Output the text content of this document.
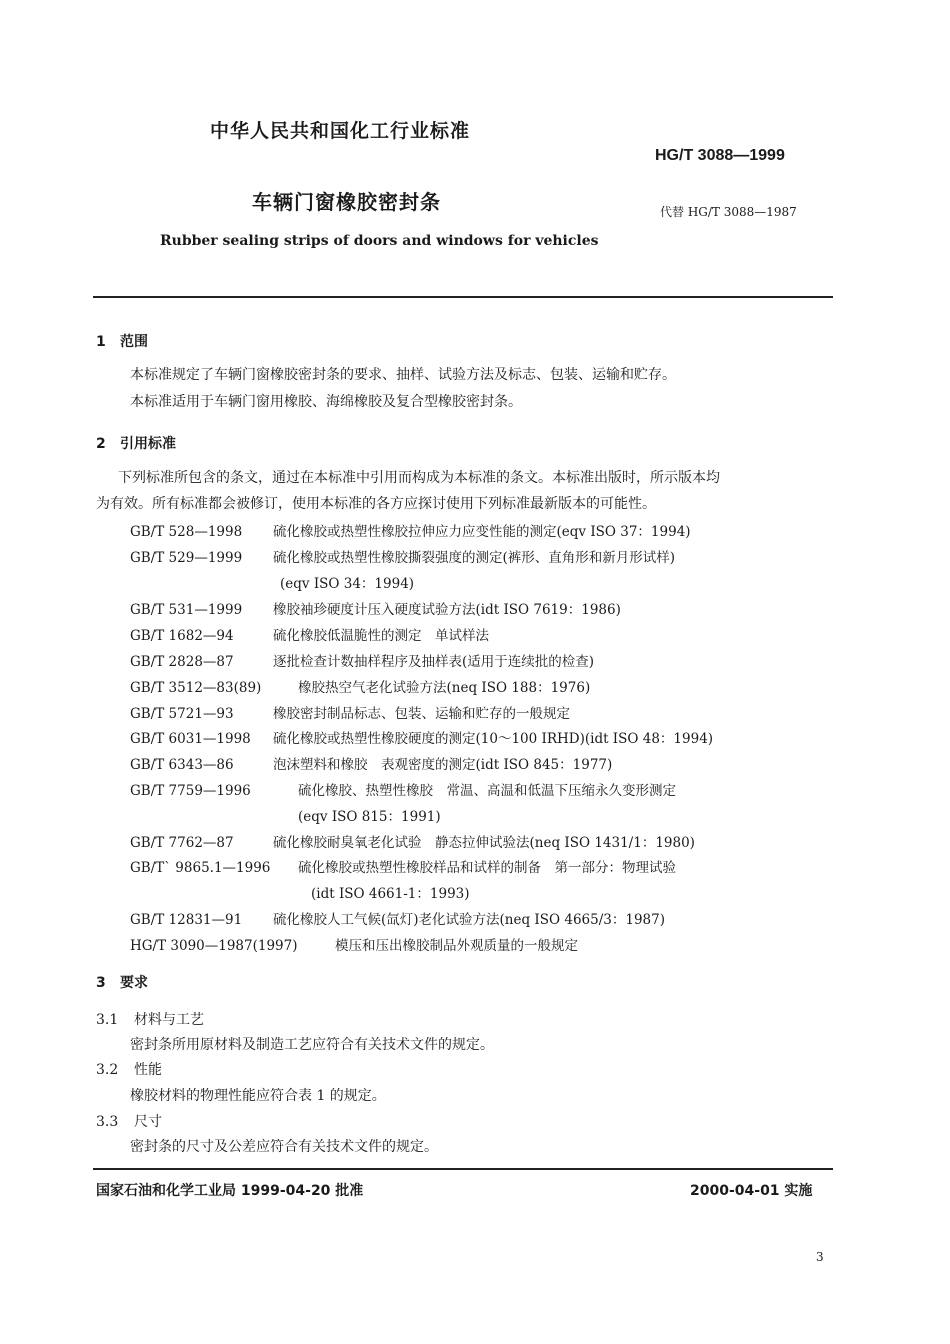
中华人民共和国化工行业标准
HG/T 3088—1999
车辆门窗橡胶密封条	代替 HG/T 3088—1987
Rubber sealing strips of doors and windows for vehicles
1 范围
本标准规定了车辆门窗橡胶密封条的要求、抽样、试验方法及标志、包装、运输和贮存。
本标准适用于车辆门窗用橡胶、海绵橡胶及复合型橡胶密封条。
2 引用标准
下列标准所包含的条文，通过在本标准中引用而构成为本标准的条文。本标准出版时，所示版本均
为有效。所有标准都会被修订，使用本标准的各方应探讨使用下列标准最新版本的可能性。
GB/T 528—1998 硫化橡胶或热塑性橡胶拉伸应力应变性能的测定(eqv ISO 37：1994)
GB/T 529—1999 硫化橡胶或热塑性橡胶撕裂强度的测定(裤形、直角形和新月形试样)
(eqv ISO 34：1994)
GB/T 531—1999 橡胶袖珍硬度计压入硬度试验方法(idt ISO 7619：1986)
GB/T 1682—94	硫化橡胶低温脆性的测定　单试样法
GB/T 2828—87	逐批检查计数抽样程序及抽样表(适用于连续批的检查)
GB/T 3512—83(89)	橡胶热空气老化试验方法(neq ISO 188：1976)
GB/T 5721—93	橡胶密封制品标志、包装、运输和贮存的一般规定
GB/T 6031—1998 硫化橡胶或热塑性橡胶硬度的测定(10～100 IRHD)(idt ISO 48：1994)
GB/T 6343—86	泡沫塑料和橡胶　表观密度的测定(idt ISO 845：1977)
GB/T 7759—1996	硫化橡胶、热塑性橡胶　常温、高温和低温下压缩永久变形测定
(eqv ISO 815：1991)
GB/T 7762—87	硫化橡胶耐臭氧老化试验　静态拉伸试验法(neq ISO 1431/1：1980)
GB/T` 9865.1—1996 硫化橡胶或热塑性橡胶样品和试样的制备　第一部分：物理试验
(idt ISO 4661-1：1993)
GB/T 12831—91 硫化橡胶人工气候(氙灯)老化试验方法(neq ISO 4665/3：1987)
HG/T 3090—1987(1997)	模压和压出橡胶制品外观质量的一般规定
3 要求
3.1 材料与工艺
密封条所用原材料及制造工艺应符合有关技术文件的规定。
3.2 性能
橡胶材料的物理性能应符合表 1 的规定。
3.3 尺寸
密封条的尺寸及公差应符合有关技术文件的规定。
国家石油和化学工业局 1999-04-20 批准	2000-04-01 实施
3
